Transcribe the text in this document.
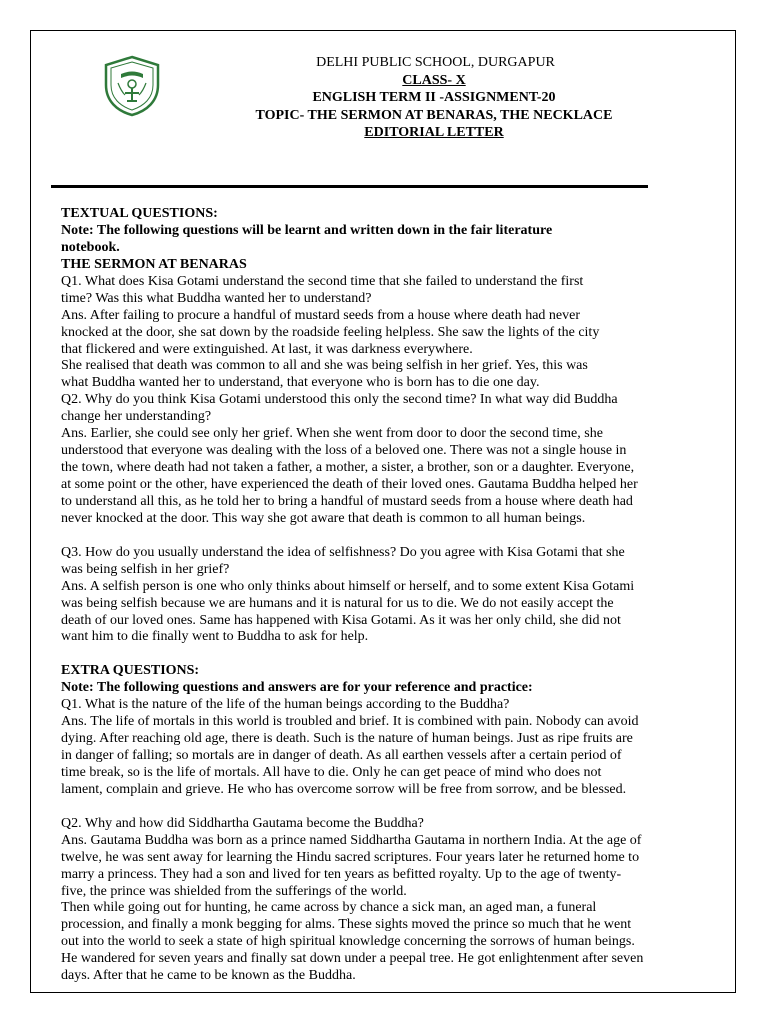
DELHI PUBLIC SCHOOL, DURGAPUR
CLASS- X
ENGLISH TERM II -ASSIGNMENT-20
TOPIC- THE SERMON AT BENARAS, THE NECKLACE
EDITORIAL LETTER
TEXTUAL QUESTIONS:
Note: The following questions will be learnt and written down in the fair literature
notebook.
THE SERMON AT BENARAS
Q1. What does Kisa Gotami understand the second time that she failed to understand the first
time? Was this what Buddha wanted her to understand?
Ans. After failing to procure a handful of mustard seeds from a house where death had never
knocked at the door, she sat down by the roadside feeling helpless. She saw the lights of the city
that flickered and were extinguished. At last, it was darkness everywhere.
She realised that death was common to all and she was being selfish in her grief. Yes, this was
what Buddha wanted her to understand, that everyone who is born has to die one day.
Q2. Why do you think Kisa Gotami understood this only the second time? In what way did Buddha
change her understanding?
Ans. Earlier, she could see only her grief. When she went from door to door the second time, she
understood that everyone was dealing with the loss of a beloved one. There was not a single house in
the town, where death had not taken a father, a mother, a sister, a brother, son or a daughter. Everyone,
at some point or the other, have experienced the death of their loved ones. Gautama Buddha helped her
to understand all this, as he told her to bring a handful of mustard seeds from a house where death had
never knocked at the door. This way she got aware that death is common to all human beings.
Q3. How do you usually understand the idea of selfishness? Do you agree with Kisa Gotami that she
was being selfish in her grief?
Ans. A selfish person is one who only thinks about himself or herself, and to some extent Kisa Gotami
was being selfish because we are humans and it is natural for us to die. We do not easily accept the
death of our loved ones. Same has happened with Kisa Gotami. As it was her only child, she did not
want him to die finally went to Buddha to ask for help.
EXTRA QUESTIONS:
Note: The following questions and answers are for your reference and practice:
Q1. What is the nature of the life of the human beings according to the Buddha?
Ans. The life of mortals in this world is troubled and brief. It is combined with pain. Nobody can avoid
dying. After reaching old age, there is death. Such is the nature of human beings. Just as ripe fruits are
in danger of falling; so mortals are in danger of death. As all earthen vessels after a certain period of
time break, so is the life of mortals. All have to die. Only he can get peace of mind who does not
lament, complain and grieve. He who has overcome sorrow will be free from sorrow, and be blessed.
Q2. Why and how did Siddhartha Gautama become the Buddha?
Ans. Gautama Buddha was born as a prince named Siddhartha Gautama in northern India. At the age of
twelve, he was sent away for learning the Hindu sacred scriptures. Four years later he returned home to
marry a princess. They had a son and lived for ten years as befitted royalty. Up to the age of twenty-
five, the prince was shielded from the sufferings of the world.
Then while going out for hunting, he came across by chance a sick man, an aged man, a funeral
procession, and finally a monk begging for alms. These sights moved the prince so much that he went
out into the world to seek a state of high spiritual knowledge concerning the sorrows of human beings.
He wandered for seven years and finally sat down under a peepal tree. He got enlightenment after seven
days. After that he came to be known as the Buddha.
